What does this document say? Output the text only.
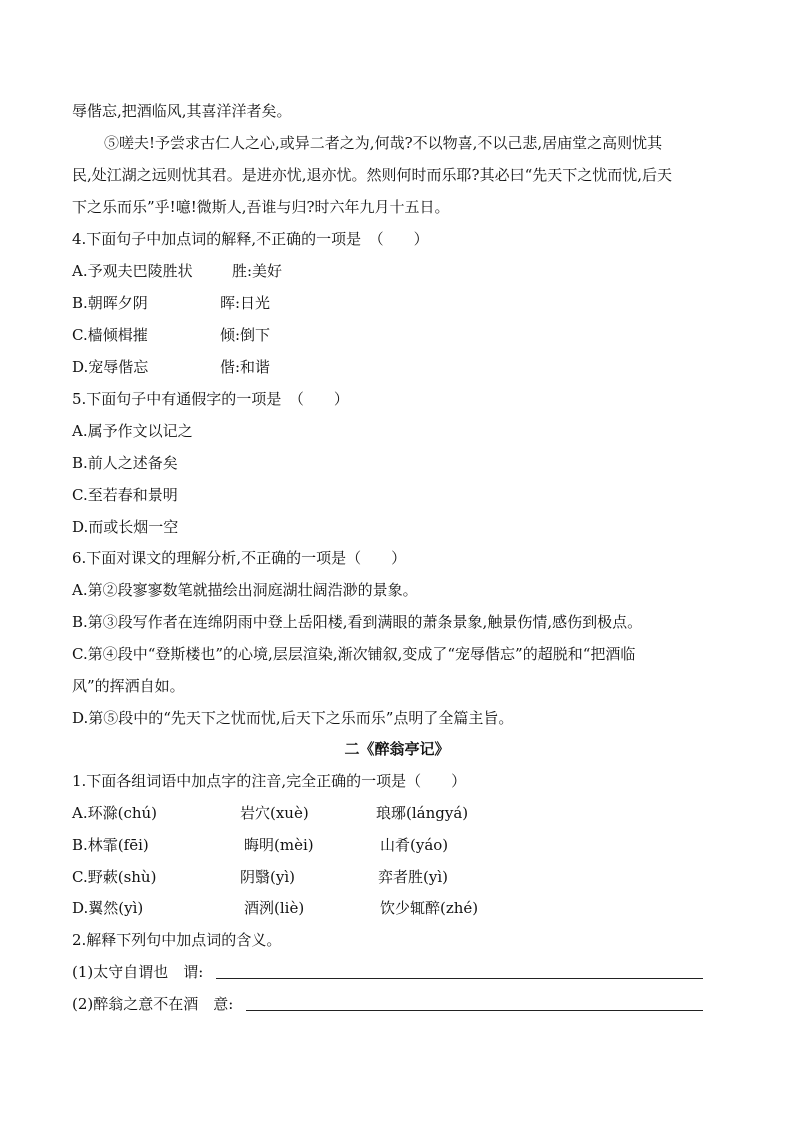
辱偕忘,把酒临风,其喜洋洋者矣。
⑤嗟夫!予尝求古仁人之心,或异二者之为,何哉?不以物喜,不以己悲,居庙堂之高则忧其
民,处江湖之远则忧其君。是进亦忧,退亦忧。然则何时而乐耶?其必曰“先天下之忧而忧,后天
下之乐而乐”乎!噫!微斯人,吾谁与归?时六年九月十五日。
4.下面句子中加点词的解释,不正确的一项是　（　　）
A.予观夫巴陵胜状	胜:美好
B.朝晖夕阴	晖:日光
C.樯倾楫摧	倾:倒下
D.宠辱偕忘	偕:和谐
5.下面句子中有通假字的一项是　（　　）
A.属予作文以记之
B.前人之述备矣
C.至若春和景明
D.而或长烟一空
6.下面对课文的理解分析,不正确的一项是（　　）
A.第②段寥寥数笔就描绘出洞庭湖壮阔浩渺的景象。
B.第③段写作者在连绵阴雨中登上岳阳楼,看到满眼的萧条景象,触景伤情,感伤到极点。
C.第④段中“登斯楼也”的心境,层层渲染,渐次铺叙,变成了“宠辱偕忘”的超脱和“把酒临
风”的挥洒自如。
D.第⑤段中的“先天下之忧而忧,后天下之乐而乐”点明了全篇主旨。
二《醉翁亭记》
1.下面各组词语中加点字的注音,完全正确的一项是（　　）
A.环滁(chú)	岩穴(xuè)	琅琊(lángyá)
B.林霏(fēi)	晦明(mèi)	山肴(yáo)
C.野蔌(shù)	阴翳(yì)	弈者胜(yì)
D.翼然(yì)	酒洌(liè)	饮少辄醉(zhé)
2.解释下列句中加点词的含义。
(1)太守自谓也　谓:
(2)醉翁之意不在酒　意:
